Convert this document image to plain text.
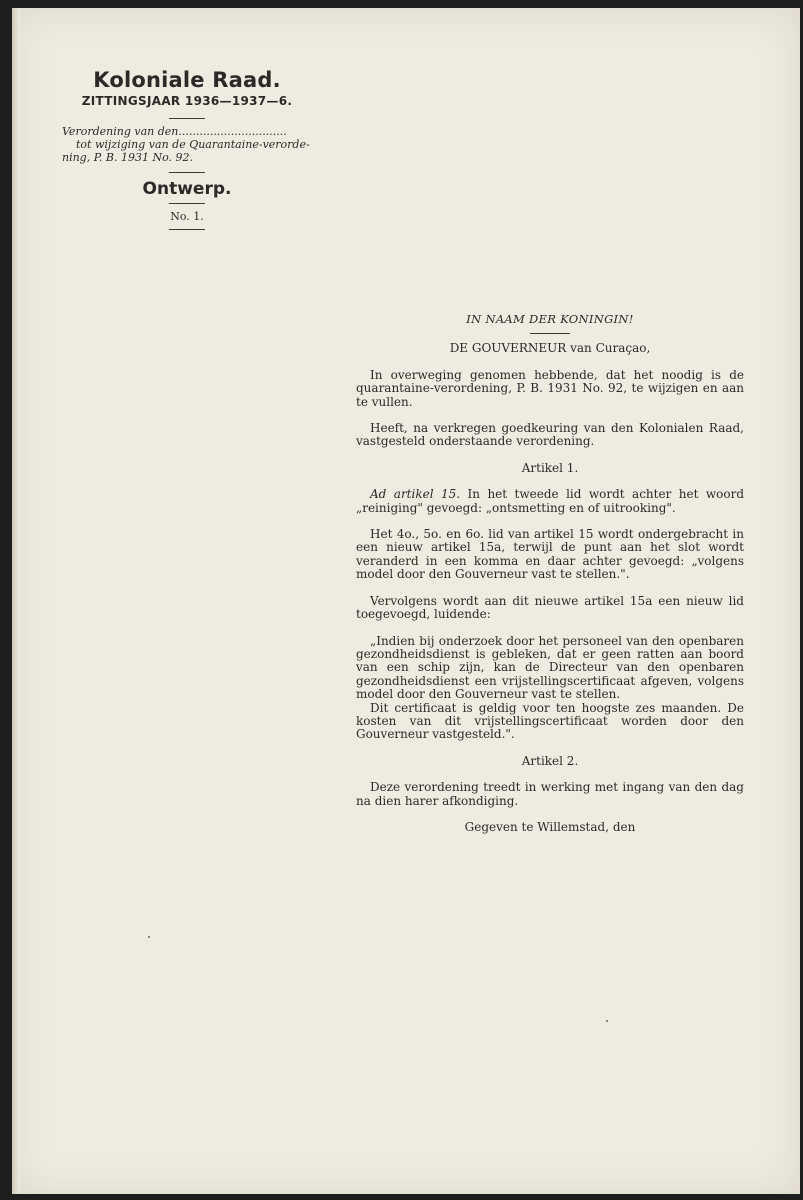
Koloniale Raad.

ZITTINGSJAAR 1936—1937—6.

Verordening van den...............................
tot wijziging van de Quarantaine-verorde-
ning, P. B. 1931 No. 92.

Ontwerp.

No. 1.

IN NAAM DER KONINGIN!

DE GOUVERNEUR van Curaçao,

In overweging genomen hebbende, dat het noodig is de quarantaine-verordening, P. B. 1931 No. 92, te wijzigen en aan te vullen.

Heeft, na verkregen goedkeuring van den Kolonialen Raad, vastgesteld onderstaande verordening.

Artikel 1.

Ad artikel 15. In het tweede lid wordt achter het woord „reiniging" gevoegd: „ontsmetting en of uitrooking".

Het 4o., 5o. en 6o. lid van artikel 15 wordt ondergebracht in een nieuw artikel 15a, terwijl de punt aan het slot wordt veranderd in een komma en daar achter gevoegd: „volgens model door den Gouverneur vast te stellen.".

Vervolgens wordt aan dit nieuwe artikel 15a een nieuw lid toegevoegd, luidende:

„Indien bij onderzoek door het personeel van den openbaren gezondheidsdienst is gebleken, dat er geen ratten aan boord van een schip zijn, kan de Directeur van den openbaren gezondheidsdienst een vrijstellingscertificaat afgeven, volgens model door den Gouverneur vast te stellen.

Dit certificaat is geldig voor ten hoogste zes maanden. De kosten van dit vrijstellingscertificaat worden door den Gouverneur vastgesteld.".

Artikel 2.

Deze verordening treedt in werking met ingang van den dag na dien harer afkondiging.

Gegeven te Willemstad, den
